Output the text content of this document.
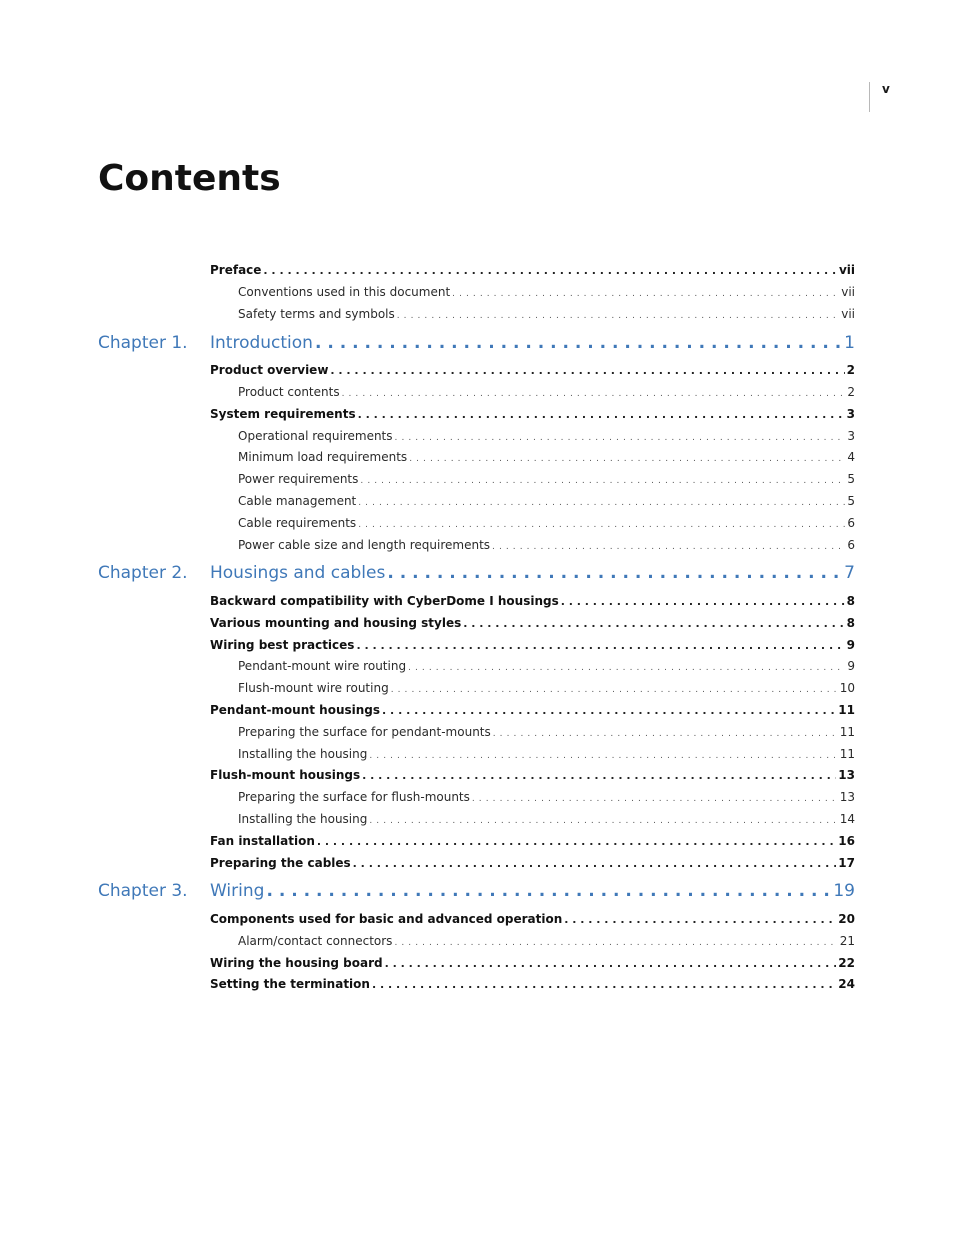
v
Contents
Preface . . .	vii
Conventions used in this document . . .	vii
Safety terms and symbols . . .	vii
Chapter 1. Introduction . . .	1
Product overview . . .	2
Product contents . . .	2
System requirements . . .	3
Operational requirements . . .	3
Minimum load requirements . . .	4
Power requirements . . .	5
Cable management . . .	5
Cable requirements . . .	6
Power cable size and length requirements . . .	6
Chapter 2. Housings and cables . . .	7
Backward compatibility with CyberDome I housings . . .	8
Various mounting and housing styles . . .	8
Wiring best practices . . .	9
Pendant-mount wire routing . . .	9
Flush-mount wire routing . . .	10
Pendant-mount housings . . .	11
Preparing the surface for pendant-mounts . . .	11
Installing the housing . . .	11
Flush-mount housings . . .	13
Preparing the surface for flush-mounts . . .	13
Installing the housing . . .	14
Fan installation . . .	16
Preparing the cables . . .	17
Chapter 3. Wiring . . .	19
Components used for basic and advanced operation . . .	20
Alarm/contact connectors . . .	21
Wiring the housing board . . .	22
Setting the termination . . .	24
